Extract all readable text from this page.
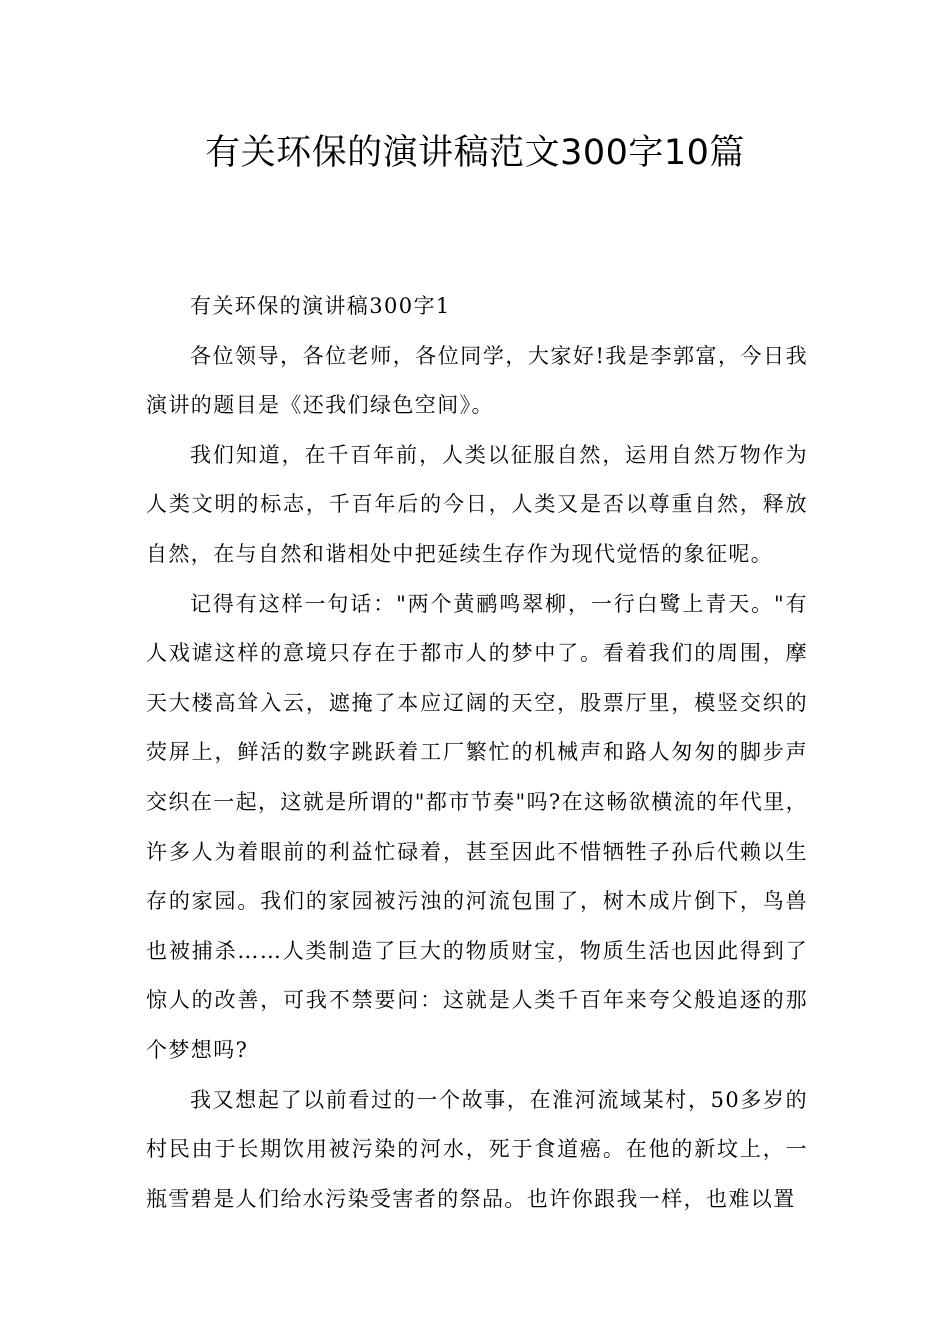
有关环保的演讲稿范文300字10篇

有关环保的演讲稿300字1

各位领导，各位老师，各位同学，大家好!我是李郭富，今日我演讲的题目是《还我们绿色空间》。

我们知道，在千百年前，人类以征服自然，运用自然万物作为人类文明的标志，千百年后的今日，人类又是否以尊重自然，释放自然，在与自然和谐相处中把延续生存作为现代觉悟的象征呢。

记得有这样一句话："两个黄鹂鸣翠柳，一行白鹭上青天。"有人戏谑这样的意境只存在于都市人的梦中了。看着我们的周围，摩天大楼高耸入云，遮掩了本应辽阔的天空，股票厅里，模竖交织的荧屏上，鲜活的数字跳跃着工厂繁忙的机械声和路人匆匆的脚步声交织在一起，这就是所谓的"都市节奏"吗?在这畅欲横流的年代里，许多人为着眼前的利益忙碌着，甚至因此不惜牺牲子孙后代赖以生存的家园。我们的家园被污浊的河流包围了，树木成片倒下，鸟兽也被捕杀……人类制造了巨大的物质财宝，物质生活也因此得到了惊人的改善，可我不禁要问：这就是人类千百年来夸父般追逐的那个梦想吗?

我又想起了以前看过的一个故事，在淮河流域某村，50多岁的村民由于长期饮用被污染的河水，死于食道癌。在他的新坟上，一瓶雪碧是人们给水污染受害者的祭品。也许你跟我一样，也难以置
